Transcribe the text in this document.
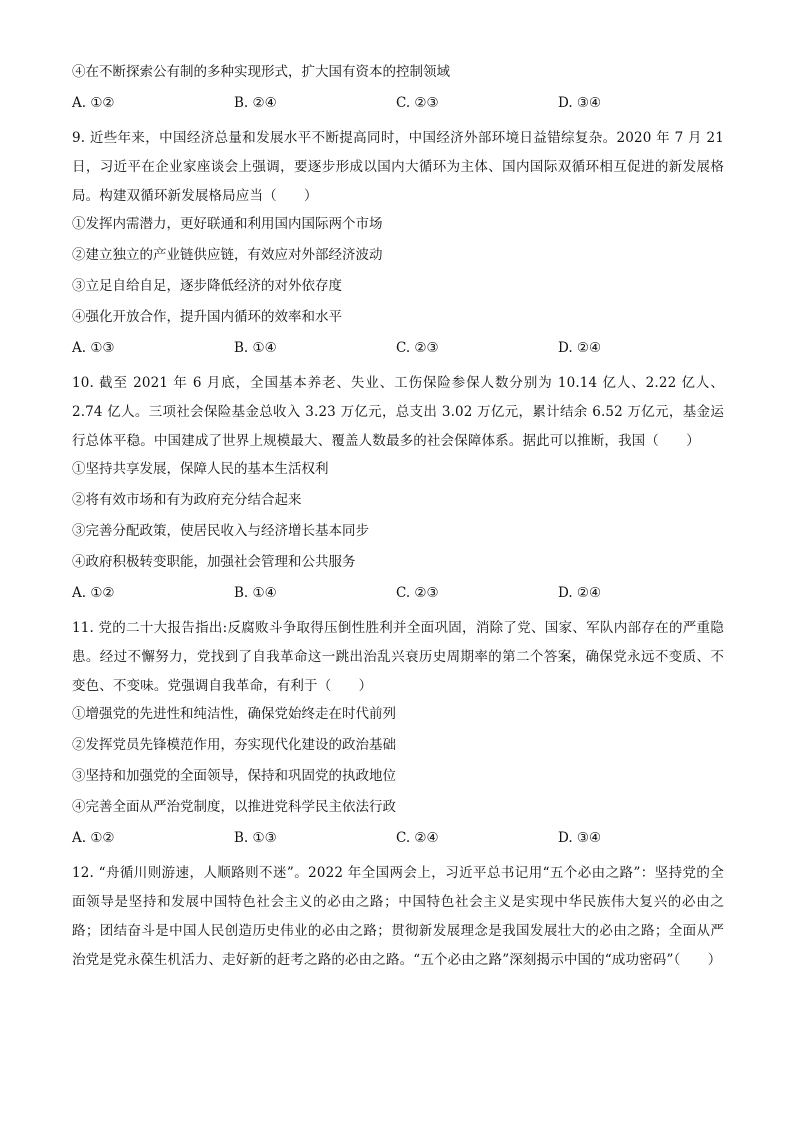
④在不断探索公有制的多种实现形式，扩大国有资本的控制领域
A. ①②	B. ②④	C. ②③	D. ③④
9. 近些年来，中国经济总量和发展水平不断提高同时，中国经济外部环境日益错综复杂。2020 年 7 月 21 日，习近平在企业家座谈会上强调，要逐步形成以国内大循环为主体、国内国际双循环相互促进的新发展格局。构建双循环新发展格局应当（　　）
①发挥内需潜力，更好联通和利用国内国际两个市场
②建立独立的产业链供应链，有效应对外部经济波动
③立足自给自足，逐步降低经济的对外依存度
④强化开放合作，提升国内循环的效率和水平
A. ①③	B. ①④	C. ②③	D. ②④
10. 截至 2021 年 6 月底，全国基本养老、失业、工伤保险参保人数分别为 10.14 亿人、2.22 亿人、2.74 亿人。三项社会保险基金总收入 3.23 万亿元，总支出 3.02 万亿元，累计结余 6.52 万亿元，基金运行总体平稳。中国建成了世界上规模最大、覆盖人数最多的社会保障体系。据此可以推断，我国（　　）
①坚持共享发展，保障人民的基本生活权利
②将有效市场和有为政府充分结合起来
③完善分配政策，使居民收入与经济增长基本同步
④政府积极转变职能，加强社会管理和公共服务
A. ①②	B. ①④	C. ②③	D. ②④
11. 党的二十大报告指出:反腐败斗争取得压倒性胜利并全面巩固，消除了党、国家、军队内部存在的严重隐患。经过不懈努力，党找到了自我革命这一跳出治乱兴衰历史周期率的第二个答案，确保党永远不变质、不变色、不变味。党强调自我革命，有利于（　　）
①增强党的先进性和纯洁性，确保党始终走在时代前列
②发挥党员先锋模范作用，夯实现代化建设的政治基础
③坚持和加强党的全面领导，保持和巩固党的执政地位
④完善全面从严治党制度，以推进党科学民主依法行政
A. ①②	B. ①③	C. ②④	D. ③④
12. “舟循川则游速，人顺路则不迷”。2022 年全国两会上，习近平总书记用“五个必由之路”：坚持党的全面领导是坚持和发展中国特色社会主义的必由之路；中国特色社会主义是实现中华民族伟大复兴的必由之路；团结奋斗是中国人民创造历史伟业的必由之路；贯彻新发展理念是我国发展壮大的必由之路；全面从严治党是党永葆生机活力、走好新的赶考之路的必由之路。“五个必由之路”深刻揭示中国的“成功密码”（　　）
